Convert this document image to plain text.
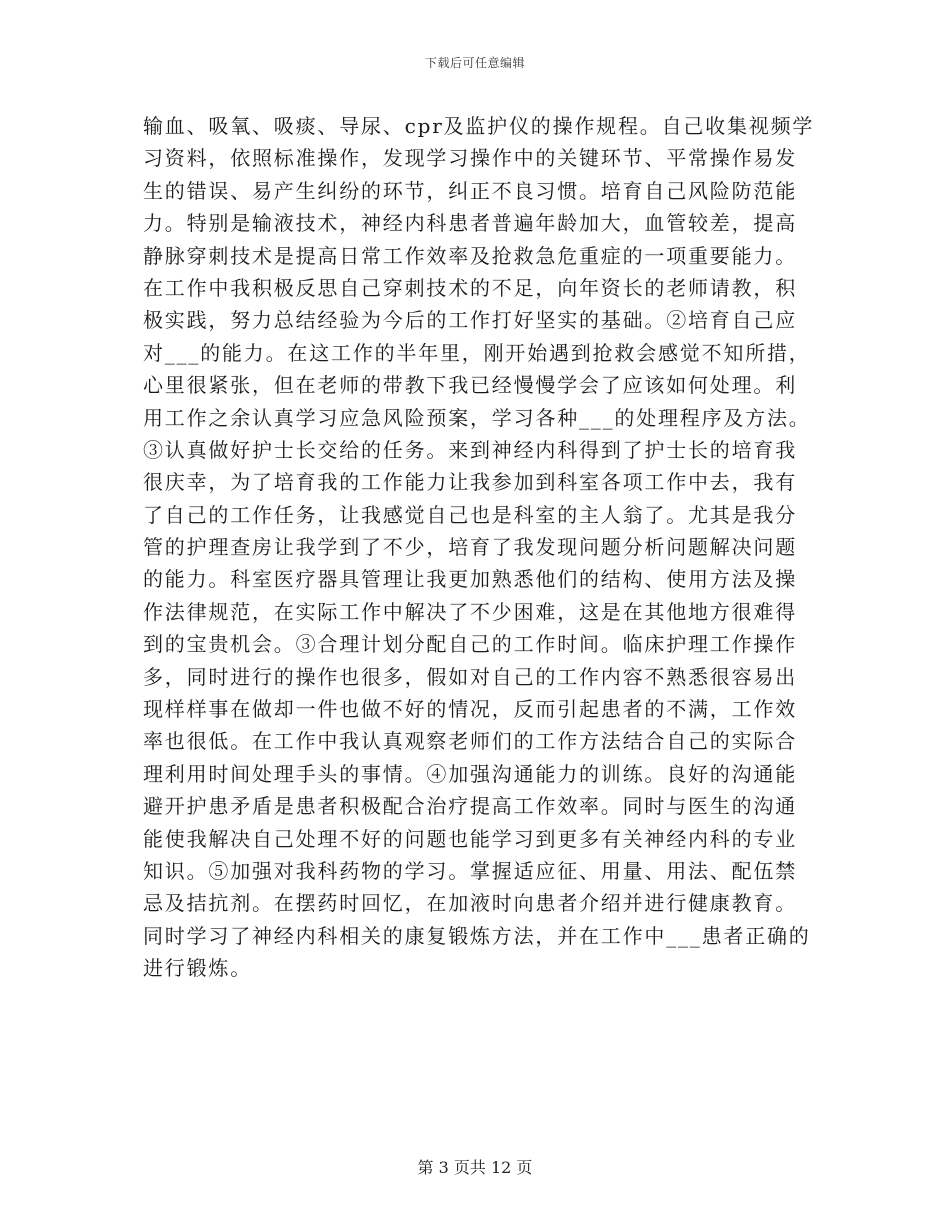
下载后可任意编辑
输血、吸氧、吸痰、导尿、cpr及监护仪的操作规程。自己收集视频学
习资料，依照标准操作，发现学习操作中的关键环节、平常操作易发
生的错误、易产生纠纷的环节，纠正不良习惯。培育自己风险防范能
力。特别是输液技术，神经内科患者普遍年龄加大，血管较差，提高
静脉穿刺技术是提高日常工作效率及抢救急危重症的一项重要能力。
在工作中我积极反思自己穿刺技术的不足，向年资长的老师请教，积
极实践，努力总结经验为今后的工作打好坚实的基础。②培育自己应
对___的能力。在这工作的半年里，刚开始遇到抢救会感觉不知所措，
心里很紧张，但在老师的带教下我已经慢慢学会了应该如何处理。利
用工作之余认真学习应急风险预案，学习各种___的处理程序及方法。
③认真做好护士长交给的任务。来到神经内科得到了护士长的培育我
很庆幸，为了培育我的工作能力让我参加到科室各项工作中去，我有
了自己的工作任务，让我感觉自己也是科室的主人翁了。尤其是我分
管的护理查房让我学到了不少，培育了我发现问题分析问题解决问题
的能力。科室医疗器具管理让我更加熟悉他们的结构、使用方法及操
作法律规范，在实际工作中解决了不少困难，这是在其他地方很难得
到的宝贵机会。③合理计划分配自己的工作时间。临床护理工作操作
多，同时进行的操作也很多，假如对自己的工作内容不熟悉很容易出
现样样事在做却一件也做不好的情况，反而引起患者的不满，工作效
率也很低。在工作中我认真观察老师们的工作方法结合自己的实际合
理利用时间处理手头的事情。④加强沟通能力的训练。良好的沟通能
避开护患矛盾是患者积极配合治疗提高工作效率。同时与医生的沟通
能使我解决自己处理不好的问题也能学习到更多有关神经内科的专业
知识。⑤加强对我科药物的学习。掌握适应征、用量、用法、配伍禁
忌及拮抗剂。在摆药时回忆，在加液时向患者介绍并进行健康教育。
同时学习了神经内科相关的康复锻炼方法，并在工作中___患者正确的
进行锻炼。
第 3 页共 12 页
